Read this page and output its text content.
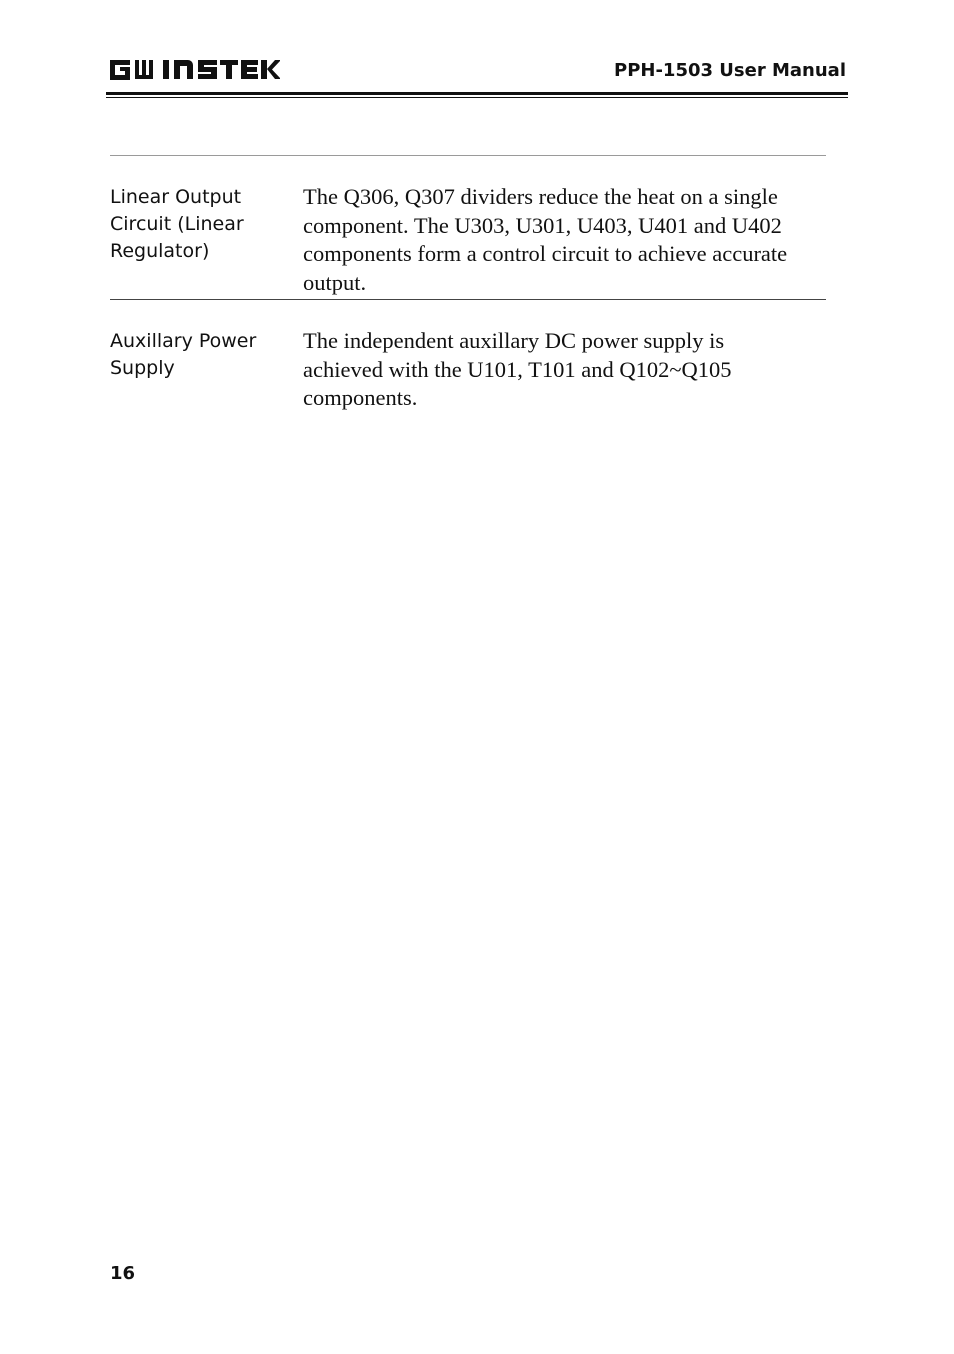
PPH-1503 User Manual
Linear Output Circuit (Linear Regulator)
The Q306, Q307 dividers reduce the heat on a single component. The U303, U301, U403, U401 and U402 components form a control circuit to achieve accurate output.
Auxillary Power Supply
The independent auxillary DC power supply is achieved with the U101, T101 and Q102~Q105 components.
16
